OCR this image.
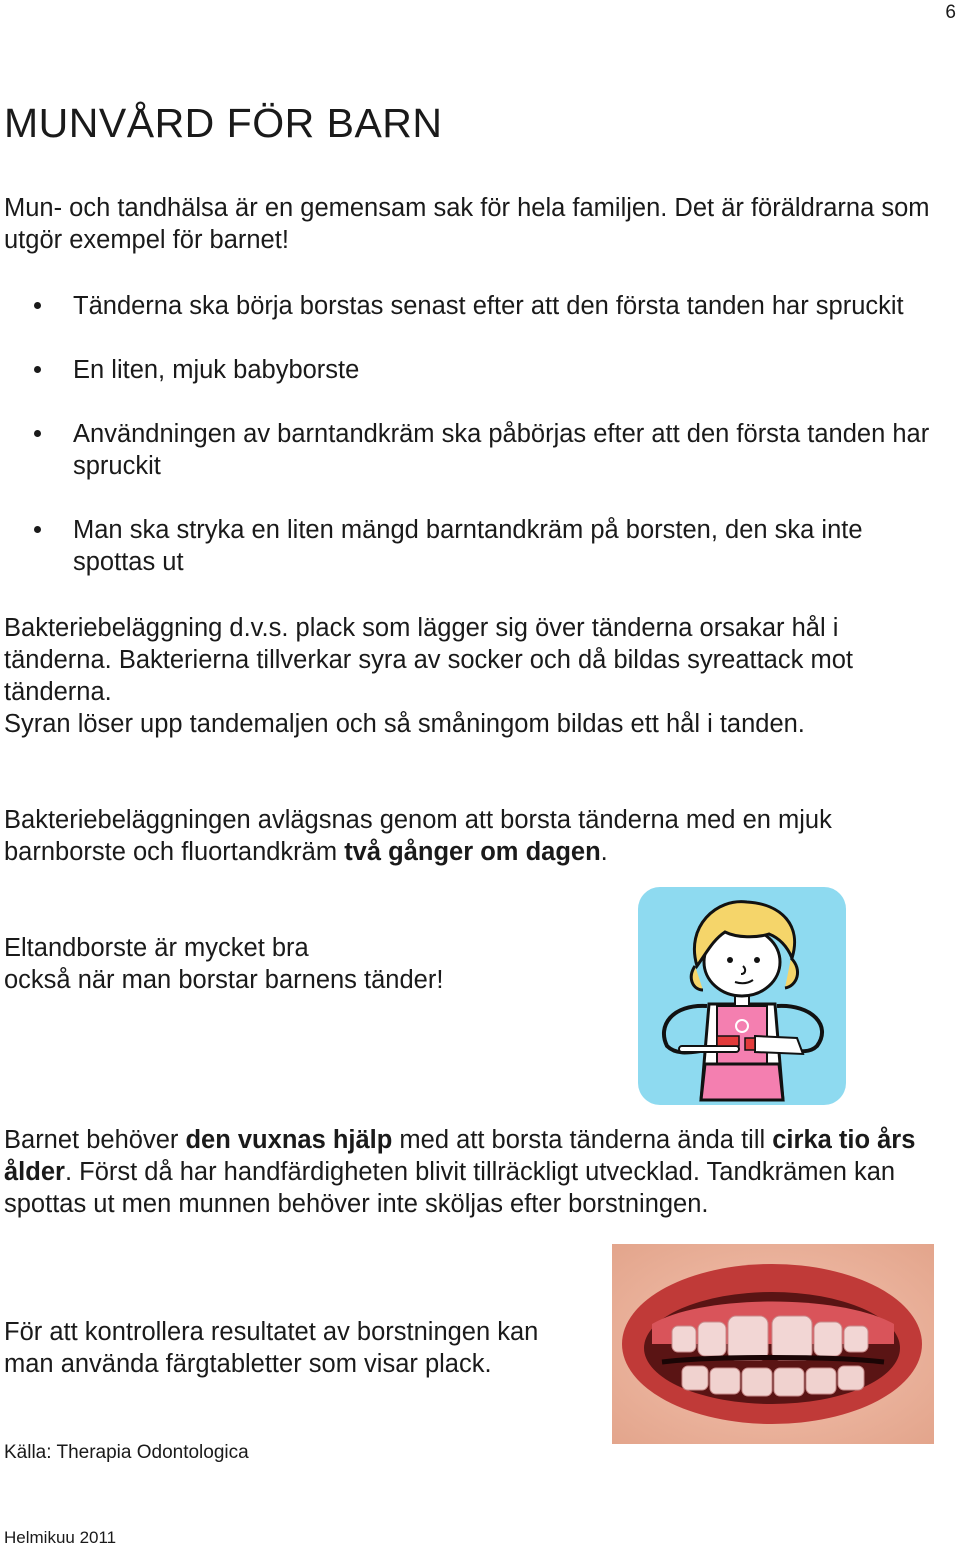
6
MUNVÅRD FÖR BARN

Mun- och tandhälsa är en gemensam sak för hela familjen. Det är föräldrarna som utgör exempel för barnet!

Tänderna ska börja borstas senast efter att den första tanden har spruckit
En liten, mjuk babyborste
Användningen av barntandkräm ska påbörjas efter att den första tanden har spruckit
Man ska stryka en liten mängd barntandkräm på borsten, den ska inte spottas ut
Bakteriebeläggning d.v.s. plack som lägger sig över tänderna orsakar hål i tänderna. Bakterierna tillverkar syra av socker och då bildas syreattack mot tänderna.
Syran löser upp tandemaljen och så småningom bildas ett hål i tanden.

Bakteriebeläggningen avlägsnas genom att borsta tänderna med en mjuk barnborste och fluortandkräm två gånger om dagen.

Eltandborste är mycket bra
också när man borstar barnens tänder!

Barnet behöver den vuxnas hjälp med att borsta tänderna ända till cirka tio års ålder. Först då har handfärdigheten blivit tillräckligt utvecklad. Tandkrämen kan spottas ut men munnen behöver inte sköljas efter borstningen.

För att kontrollera resultatet av borstningen kan
man använda färgtabletter som visar plack.
Källa: Therapia Odontologica
Helmikuu 2011
